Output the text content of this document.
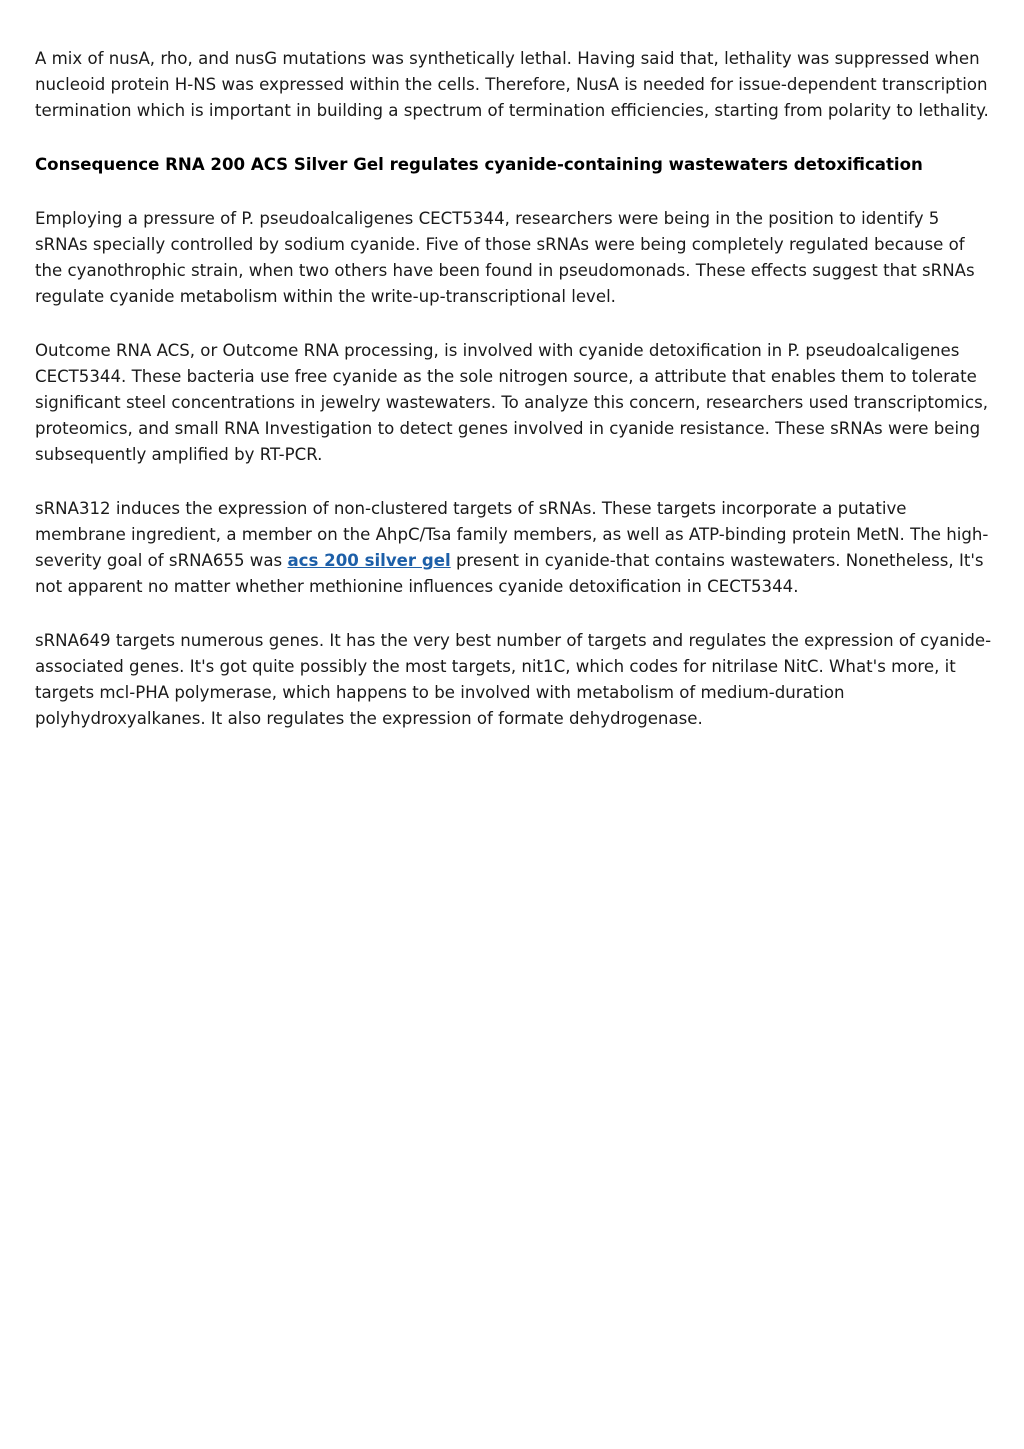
A mix of nusA, rho, and nusG mutations was synthetically lethal. Having said that, lethality was suppressed when nucleoid protein H-NS was expressed within the cells. Therefore, NusA is needed for issue-dependent transcription termination which is important in building a spectrum of termination efficiencies, starting from polarity to lethality.

Consequence RNA 200 ACS Silver Gel regulates cyanide-containing wastewaters detoxification

Employing a pressure of P. pseudoalcaligenes CECT5344, researchers were being in the position to identify 5 sRNAs specially controlled by sodium cyanide. Five of those sRNAs were being completely regulated because of the cyanothrophic strain, when two others have been found in pseudomonads. These effects suggest that sRNAs regulate cyanide metabolism within the write-up-transcriptional level.

Outcome RNA ACS, or Outcome RNA processing, is involved with cyanide detoxification in P. pseudoalcaligenes CECT5344. These bacteria use free cyanide as the sole nitrogen source, a attribute that enables them to tolerate significant steel concentrations in jewelry wastewaters. To analyze this concern, researchers used transcriptomics, proteomics, and small RNA Investigation to detect genes involved in cyanide resistance. These sRNAs were being subsequently amplified by RT-PCR.

sRNA312 induces the expression of non-clustered targets of sRNAs. These targets incorporate a putative membrane ingredient, a member on the AhpC/Tsa family members, as well as ATP-binding protein MetN. The high-severity goal of sRNA655 was acs 200 silver gel present in cyanide-that contains wastewaters. Nonetheless, It's not apparent no matter whether methionine influences cyanide detoxification in CECT5344.

sRNA649 targets numerous genes. It has the very best number of targets and regulates the expression of cyanide-associated genes. It's got quite possibly the most targets, nit1C, which codes for nitrilase NitC. What's more, it targets mcl-PHA polymerase, which happens to be involved with metabolism of medium-duration polyhydroxyalkanes. It also regulates the expression of formate dehydrogenase.
